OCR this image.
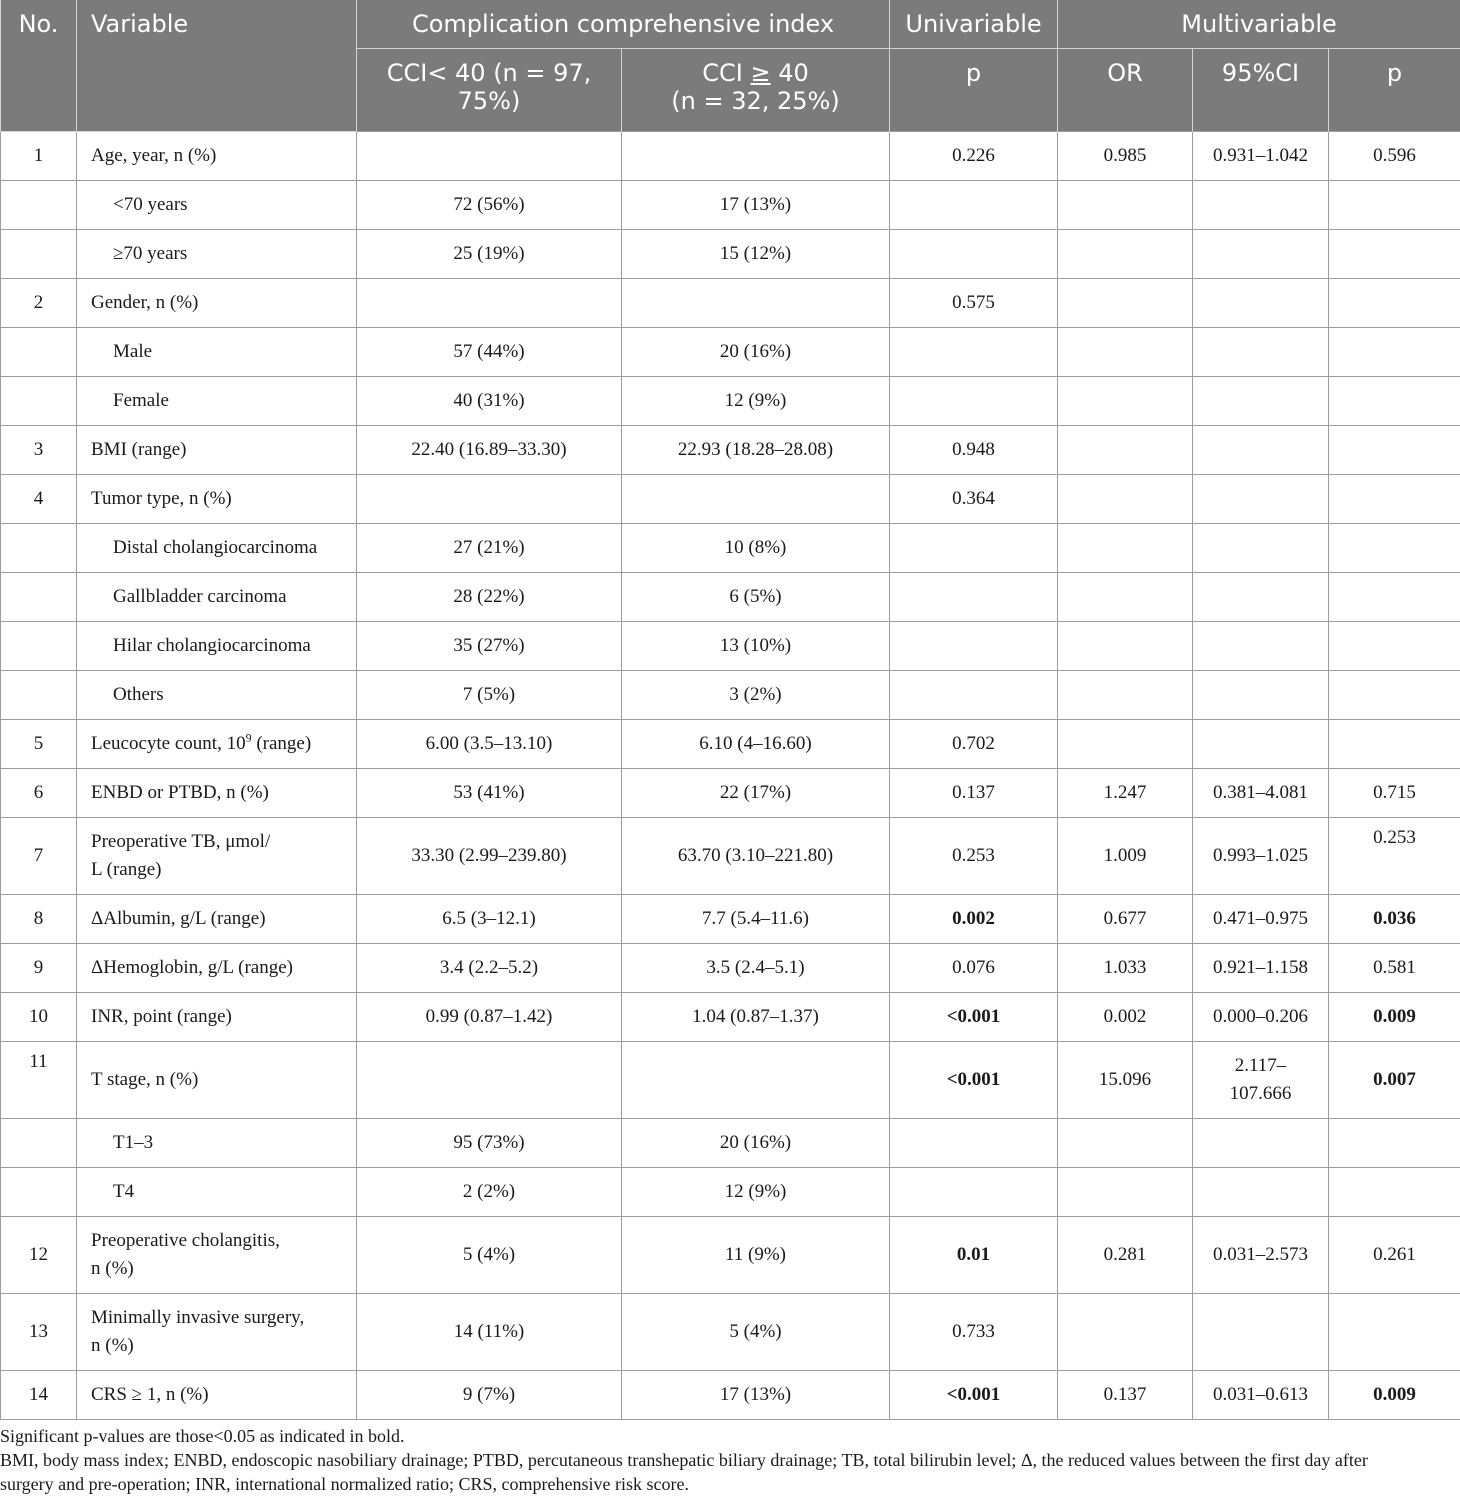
No.	Variable	Complication comprehensive index		Univariable	Multivariable		
		CCI< 40 (n = 97, 75%)	CCI ≥ 40
(n = 32, 25%)	p	OR	95%CI	p
1	Age, year, n (%)			0.226	0.985	0.931–1.042	0.596
	<70 years	72 (56%)	17 (13%)				
	≥70 years	25 (19%)	15 (12%)				
2	Gender, n (%)			0.575			
	Male	57 (44%)	20 (16%)				
	Female	40 (31%)	12 (9%)				
3	BMI (range)	22.40 (16.89–33.30)	22.93 (18.28–28.08)	0.948			
4	Tumor type, n (%)			0.364			
	Distal cholangiocarcinoma	27 (21%)	10 (8%)				
	Gallbladder carcinoma	28 (22%)	6 (5%)				
	Hilar cholangiocarcinoma	35 (27%)	13 (10%)				
	Others	7 (5%)	3 (2%)				
5	Leucocyte count, $10^9$ (range)	6.00 (3.5–13.10)	6.10 (4–16.60)	0.702			
6	ENBD or PTBD, n (%)	53 (41%)	22 (17%)	0.137	1.247	0.381–4.081	0.715
7	Preoperative TB, μmol/
L (range)	33.30 (2.99–239.80)	63.70 (3.10–221.80)	0.253	1.009	0.993–1.025	0.253
8	ΔAlbumin, g/L (range)	6.5 (3–12.1)	7.7 (5.4–11.6)	0.002	0.677	0.471–0.975	0.036
9	ΔHemoglobin, g/L (range)	3.4 (2.2–5.2)	3.5 (2.4–5.1)	0.076	1.033	0.921–1.158	0.581
10	INR, point (range)	0.99 (0.87–1.42)	1.04 (0.87–1.37)	<0.001	0.002	0.000–0.206	0.009
11	T stage, n (%)			<0.001	15.096	2.117–
107.666	0.007
	T1–3	95 (73%)	20 (16%)				
	T4	2 (2%)	12 (9%)				
12	Preoperative cholangitis,
n (%)	5 (4%)	11 (9%)	0.01	0.281	0.031–2.573	0.261
13	Minimally invasive surgery,
n (%)	14 (11%)	5 (4%)	0.733			
14	CRS ≥ 1, n (%)	9 (7%)	17 (13%)	<0.001	0.137	0.031–0.613	0.009
Significant p-values are those<0.05 as indicated in bold.
BMI, body mass index; ENBD, endoscopic nasobiliary drainage; PTBD, percutaneous transhepatic biliary drainage; TB, total bilirubin level; Δ, the reduced values between the first day after
surgery and pre-operation; INR, international normalized ratio; CRS, comprehensive risk score.
